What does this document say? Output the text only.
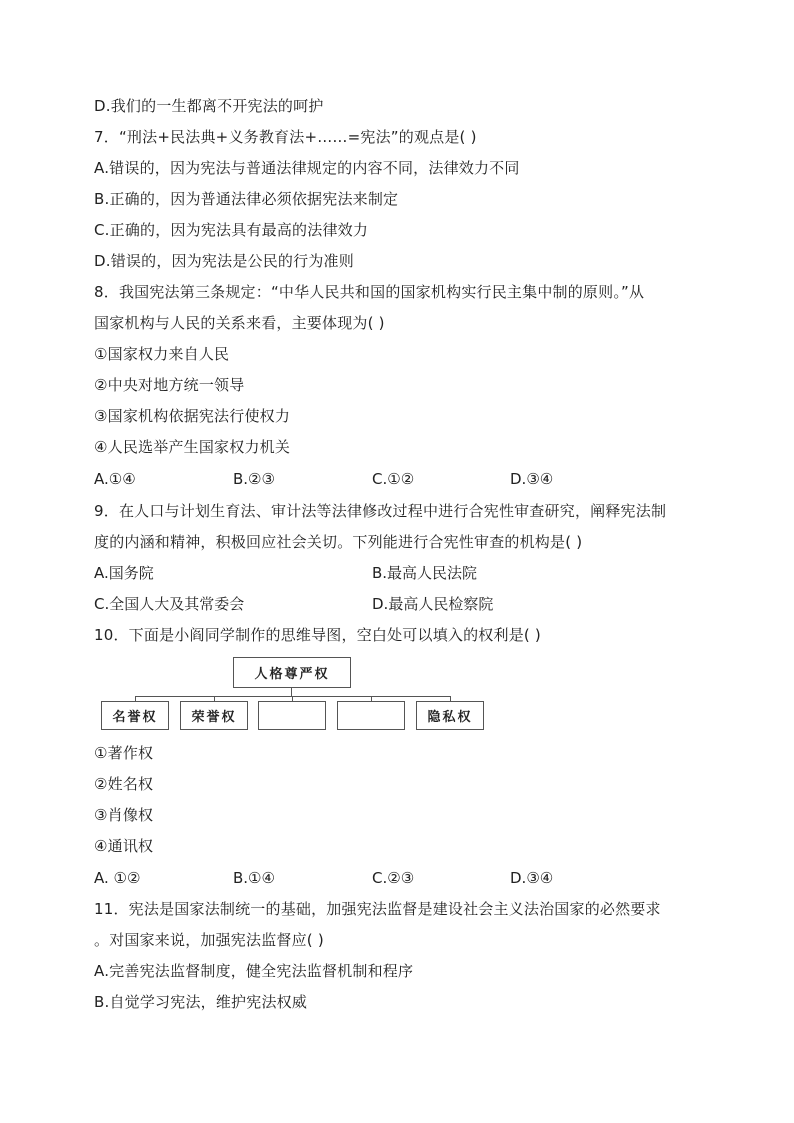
D.我们的一生都离不开宪法的呵护
7．“刑法+民法典+义务教育法+……=宪法”的观点是( )
A.错误的，因为宪法与普通法律规定的内容不同，法律效力不同
B.正确的，因为普通法律必须依据宪法来制定
C.正确的，因为宪法具有最高的法律效力
D.错误的，因为宪法是公民的行为准则
8．我国宪法第三条规定：“中华人民共和国的国家机构实行民主集中制的原则。”从
国家机构与人民的关系来看，主要体现为( )
①国家权力来自人民
②中央对地方统一领导
③国家机构依据宪法行使权力
④人民选举产生国家权力机关
A.①④	B.②③	C.①②	D.③④
9．在人口与计划生育法、审计法等法律修改过程中进行合宪性审查研究，阐释宪法制
度的内涵和精神，积极回应社会关切。下列能进行合宪性审查的机构是( )
A.国务院	B.最高人民法院
C.全国人大及其常委会	D.最高人民检察院
10．下面是小阎同学制作的思维导图，空白处可以填入的权利是( )
人格尊严权
名誉权	荣誉权	隐私权
①著作权
②姓名权
③肖像权
④通讯权
A. ①②	B.①④	C.②③	D.③④
11．宪法是国家法制统一的基础，加强宪法监督是建设社会主义法治国家的必然要求
。对国家来说，加强宪法监督应( )
A.完善宪法监督制度，健全宪法监督机制和程序
B.自觉学习宪法，维护宪法权威
